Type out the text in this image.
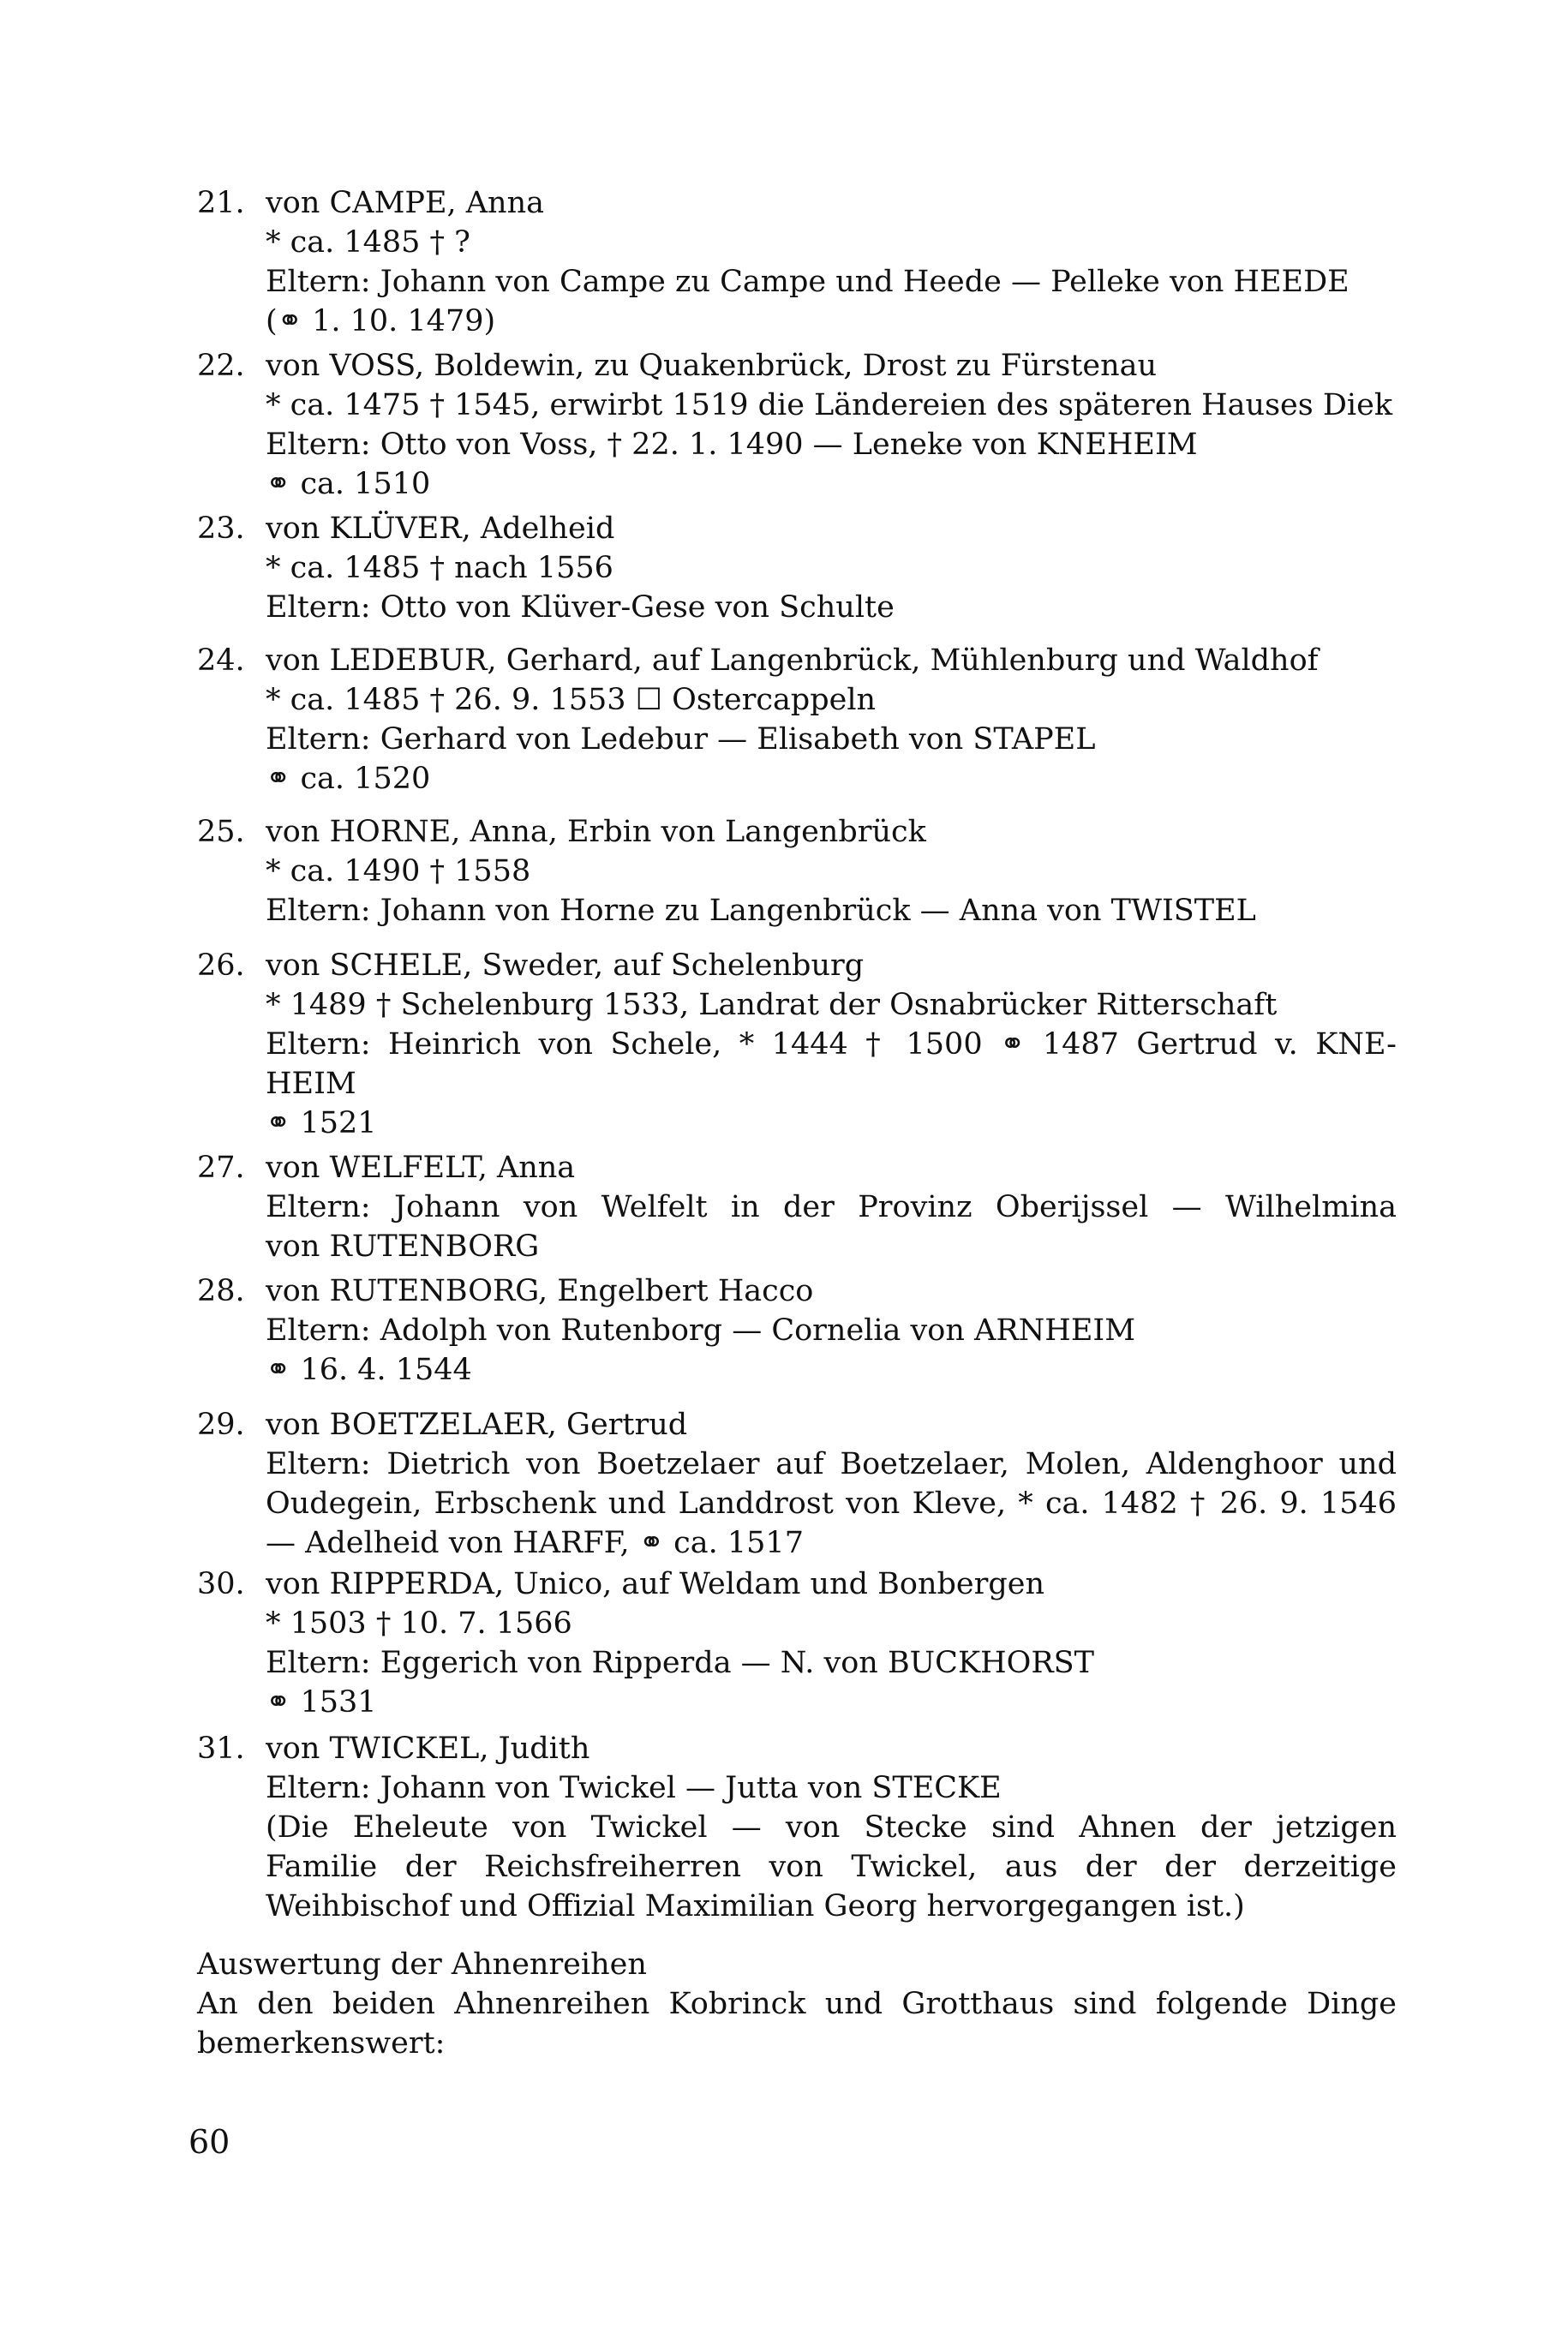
21. von CAMPE, Anna
* ca. 1485 † ?
Eltern: Johann von Campe zu Campe und Heede — Pelleke von HEEDE
(⚭ 1. 10. 1479)
22. von VOSS, Boldewin, zu Quakenbrück, Drost zu Fürstenau
* ca. 1475 † 1545, erwirbt 1519 die Ländereien des späteren Hauses Diek
Eltern: Otto von Voss, † 22. 1. 1490 — Leneke von KNEHEIM
⚭ ca. 1510
23. von KLÜVER, Adelheid
* ca. 1485 † nach 1556
Eltern: Otto von Klüver-Gese von Schulte
24. von LEDEBUR, Gerhard, auf Langenbrück, Mühlenburg und Waldhof
* ca. 1485 † 26. 9. 1553 ☐ Ostercappeln
Eltern: Gerhard von Ledebur — Elisabeth von STAPEL
⚭ ca. 1520
25. von HORNE, Anna, Erbin von Langenbrück
* ca. 1490 † 1558
Eltern: Johann von Horne zu Langenbrück — Anna von TWISTEL
26. von SCHELE, Sweder, auf Schelenburg
* 1489 † Schelenburg 1533, Landrat der Osnabrücker Ritterschaft
Eltern: Heinrich von Schele, * 1444 † 1500 ⚭ 1487 Gertrud v. KNE-
HEIM
⚭ 1521
27. von WELFELT, Anna
Eltern: Johann von Welfelt in der Provinz Oberijssel — Wilhelmina
von RUTENBORG
28. von RUTENBORG, Engelbert Hacco
Eltern: Adolph von Rutenborg — Cornelia von ARNHEIM
⚭ 16. 4. 1544
29. von BOETZELAER, Gertrud
Eltern: Dietrich von Boetzelaer auf Boetzelaer, Molen, Aldenghoor und
Oudegein, Erbschenk und Landdrost von Kleve, * ca. 1482 † 26. 9. 1546
— Adelheid von HARFF, ⚭ ca. 1517
30. von RIPPERDA, Unico, auf Weldam und Bonbergen
* 1503 † 10. 7. 1566
Eltern: Eggerich von Ripperda — N. von BUCKHORST
⚭ 1531
31. von TWICKEL, Judith
Eltern: Johann von Twickel — Jutta von STECKE
(Die Eheleute von Twickel — von Stecke sind Ahnen der jetzigen
Familie der Reichsfreiherren von Twickel, aus der der derzeitige
Weihbischof und Offizial Maximilian Georg hervorgegangen ist.)
Auswertung der Ahnenreihen
An den beiden Ahnenreihen Kobrinck und Grotthaus sind folgende Dinge
bemerkenswert:
60
